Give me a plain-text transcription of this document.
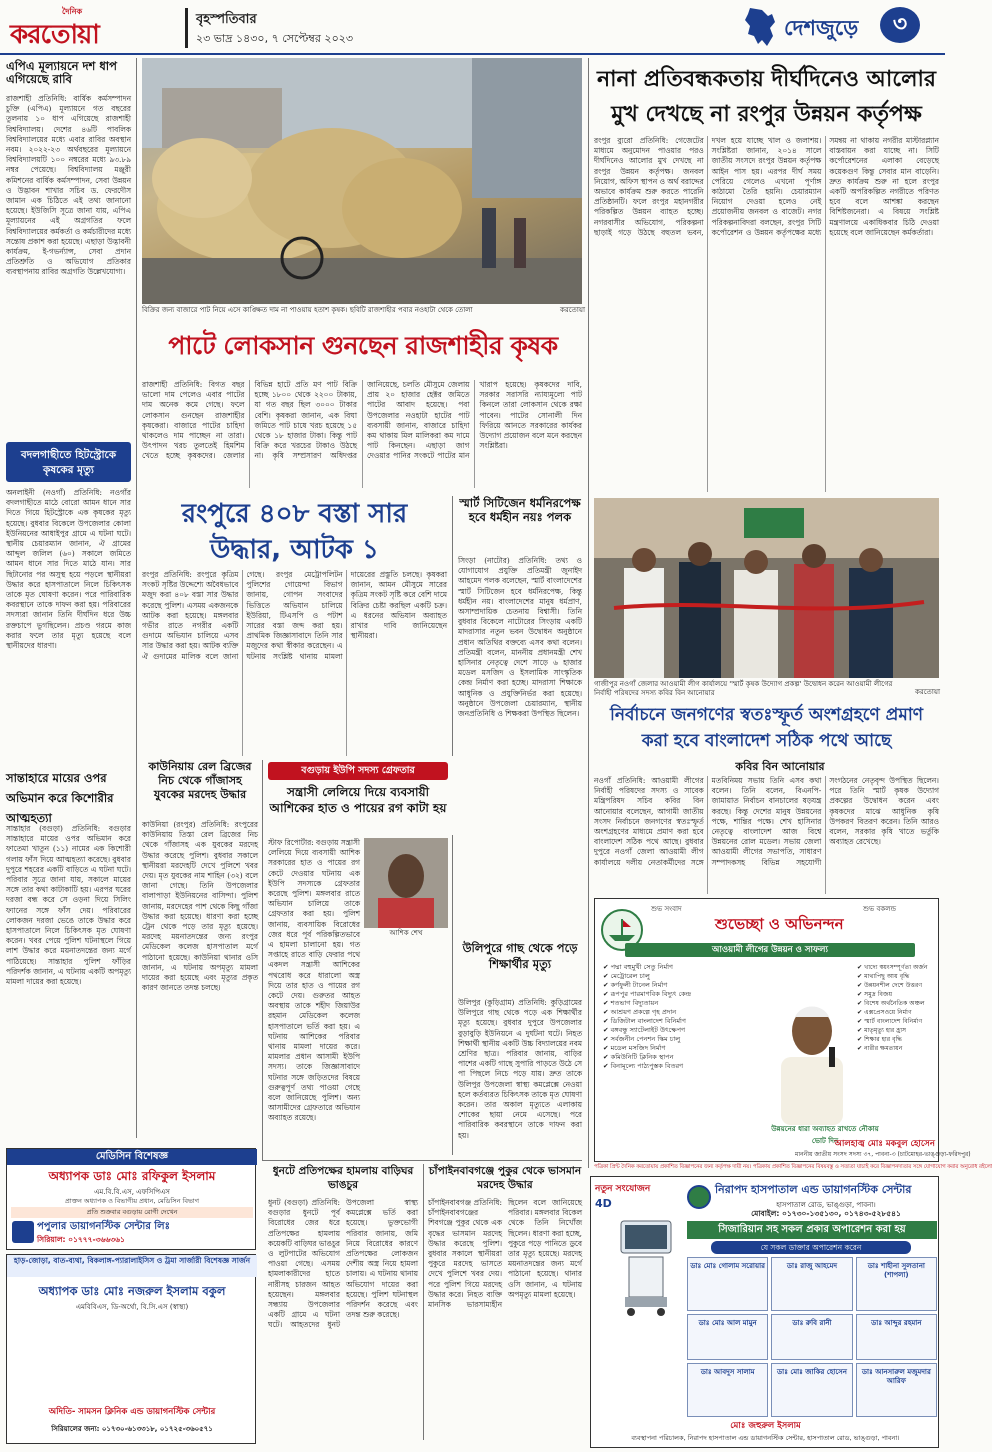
দৈনিক
করতোয়া
বৃহস্পতিবার
২৩ ভাদ্র ১৪৩০, ৭ সেপ্টেম্বর ২০২৩	দেশজুড়ে	৩
এপিএ মূল্যায়নে দশ ধাপ এগিয়েছে রাবি
রাজশাহী প্রতিনিধি: বার্ষিক কর্মসম্পাদন চুক্তি (এপিএ) মূল্যায়নে গত বছরের তুলনায় ১০ ধাপ এগিয়েছে রাজশাহী বিশ্ববিদ্যালয়। দেশের ৪৬টি পাবলিক বিশ্ববিদ্যালয়ের মধ্যে এবার রাবির অবস্থান নবম। ২০২২-২৩ অর্থবছরের মূল্যায়নে বিশ্ববিদ্যালয়টি ১০০ নম্বরের মধ্যে ৯৩.৮৯ নম্বর পেয়েছে। বিশ্ববিদ্যালয় মঞ্জুরী কমিশনের বার্ষিক কর্মসম্পাদন, সেবা উন্নয়ন ও উদ্ভাবন শাখার সচিব ড. ফেরদৌস জামান এক চিঠিতে এই তথ্য জানানো হয়েছে। ইউজিসি সূত্রে জানা যায়, এপিএ মূল্যায়নের এই অগ্রগতির ফলে বিশ্ববিদ্যালয়ের কর্মকর্তা ও কর্মচারীদের মধ্যে সন্তোষ প্রকাশ করা হয়েছে। এছাড়া উদ্ভাবনী কার্যক্রম, ই-গভর্ন্যান্স, সেবা প্রদান প্রতিশ্রুতি ও অভিযোগ প্রতিকার ব্যবস্থাপনায় রাবির অগ্রগতি উল্লেখযোগ্য।
বদলগাছীতে হিটস্ট্রোকে কৃষকের মৃত্যু
অনলাইনী (নওগাঁ) প্রতিনিধি: নওগাঁর বদলগাছীতে মাঠে বোরো আমন ধানে সার দিতে গিয়ে হিটস্ট্রোকে এক কৃষকের মৃত্যু হয়েছে। বুধবার বিকেলে উপজেলার কোলা ইউনিয়নের আধাইপুর গ্রামে এ ঘটনা ঘটে। স্থানীয় চেয়ারম্যান জানান, ঐ গ্রামের আব্দুল জলিল (৬০) সকালে জমিতে আমন ধানে সার দিতে মাঠে যান। সার ছিটানোর পর অসুস্থ হয়ে পড়লে স্থানীয়রা উদ্ধার করে হাসপাতালে নিলে চিকিৎসক তাকে মৃত ঘোষণা করেন। পরে পারিবারিক কবরস্থানে তাকে দাফন করা হয়। পরিবারের সদস্যরা জানান তিনি দীর্ঘদিন ধরে উচ্চ রক্তচাপে ভুগছিলেন। প্রচণ্ড গরমে কাজ করার ফলে তার মৃত্যু হয়েছে বলে স্থানীয়দের ধারণা।
সান্তাহারে মায়ের ওপর অভিমান করে কিশোরীর আত্মহত্যা
সান্তাহার (বগুড়া) প্রতিনিধি: বগুড়ার সান্তাহারে মায়ের ওপর অভিমান করে ফাতেমা খাতুন (১১) নামের এক কিশোরী গলায় ফাঁস দিয়ে আত্মহত্যা করেছে। বুধবার দুপুরে শহরের একটি বাড়িতে এ ঘটনা ঘটে। পরিবার সূত্রে জানা যায়, সকালে মায়ের সঙ্গে তার কথা কাটাকাটি হয়। এরপর ঘরের দরজা বন্ধ করে সে ওড়না দিয়ে সিলিং ফ্যানের সঙ্গে ফাঁস দেয়। পরিবারের লোকজন দরজা ভেঙে তাকে উদ্ধার করে হাসপাতালে নিলে চিকিৎসক মৃত ঘোষণা করেন। খবর পেয়ে পুলিশ ঘটনাস্থলে গিয়ে লাশ উদ্ধার করে ময়নাতদন্তের জন্য মর্গে পাঠিয়েছে। সান্তাহার পুলিশ ফাঁড়ির পরিদর্শক জানান, এ ঘটনায় একটি অপমৃত্যু মামলা দায়ের করা হয়েছে।
বিক্রির জন্য বাজারে পাট নিয়ে এসে কাঙ্ক্ষিত দাম না পাওয়ায় হতাশ কৃষক। ছবিটি রাজশাহীর পবার নওহাটা থেকে তোলা	করতোয়া
পাটে লোকসান গুনছেন রাজশাহীর কৃষক
রাজশাহী প্রতিনিধি: বিগত বছর ভালো দাম পেলেও এবার পাটের দাম অনেক কমে গেছে। ফলে লোকসান গুনছেন রাজশাহীর কৃষকেরা। বাজারে পাটের চাহিদা থাকলেও দাম পাচ্ছেন না তারা। উৎপাদন খরচ তুলতেই হিমশিম খেতে হচ্ছে কৃষকদের। জেলার বিভিন্ন হাটে প্রতি মণ পাট বিক্রি হচ্ছে ১৮০০ থেকে ২২০০ টাকায়, যা গত বছর ছিল ৩০০০ টাকার বেশি। কৃষকরা জানান, এক বিঘা জমিতে পাট চাষে খরচ হয়েছে ১৫ থেকে ১৮ হাজার টাকা। কিন্তু পাট বিক্রি করে খরচের টাকাও উঠছে না। কৃষি সম্প্রসারণ অধিদপ্তর জানিয়েছে, চলতি মৌসুমে জেলায় প্রায় ২০ হাজার হেক্টর জমিতে পাটের আবাদ হয়েছে। পবা উপজেলার নওহাটা হাটের পাট ব্যবসায়ী জানান, বাজারে চাহিদা কম থাকায় মিল মালিকরা কম দামে পাট কিনছেন। এছাড়া জাগ দেওয়ার পানির সংকটে পাটের মান খারাপ হয়েছে। কৃষকদের দাবি, সরকার সরাসরি ন্যায্যমূল্যে পাট কিনলে তারা লোকসান থেকে রক্ষা পাবেন। পাটের সোনালী দিন ফিরিয়ে আনতে সরকারের কার্যকর উদ্যোগ প্রয়োজন বলে মনে করছেন সংশ্লিষ্টরা।
রংপুরে ৪০৮ বস্তা সার উদ্ধার, আটক ১
রংপুর প্রতিনিধি: রংপুরে কৃত্রিম সংকট সৃষ্টির উদ্দেশ্যে অবৈধভাবে মজুদ করা ৪০৮ বস্তা সার উদ্ধার করেছে পুলিশ। এসময় একজনকে আটক করা হয়েছে। মঙ্গলবার গভীর রাতে নগরীর একটি গুদামে অভিযান চালিয়ে এসব সার উদ্ধার করা হয়। আটক ব্যক্তি ঐ গুদামের মালিক বলে জানা গেছে। রংপুর মেট্রোপলিটন পুলিশের গোয়েন্দা বিভাগ জানায়, গোপন সংবাদের ভিত্তিতে অভিযান চালিয়ে ইউরিয়া, টিএসপি ও পটাশ সারের বস্তা জব্দ করা হয়। প্রাথমিক জিজ্ঞাসাবাদে তিনি সার মজুদের কথা স্বীকার করেছেন। এ ঘটনায় সংশ্লিষ্ট থানায় মামলা দায়েরের প্রস্তুতি চলছে। কৃষকরা জানান, আমন মৌসুমে সারের কৃত্রিম সংকট সৃষ্টি করে বেশি দামে বিক্রির চেষ্টা করছিল একটি চক্র। এ ধরনের অভিযান অব্যাহত রাখার দাবি জানিয়েছেন স্থানীয়রা।
স্মার্ট সিটিজেন ধর্মনিরপেক্ষ হবে ধর্মহীন নয়ঃ পলক
সিংড়া (নাটোর) প্রতিনিধি: তথ্য ও যোগাযোগ প্রযুক্তি প্রতিমন্ত্রী জুনাইদ আহমেদ পলক বলেছেন, স্মার্ট বাংলাদেশের স্মার্ট সিটিজেন হবে ধর্মনিরপেক্ষ, কিন্তু ধর্মহীন নয়। বাংলাদেশের মানুষ ধর্মপ্রাণ, অসাম্প্রদায়িক চেতনায় বিশ্বাসী। তিনি বুধবার বিকেলে নাটোরের সিংড়ায় একটি মাদরাসার নতুন ভবন উদ্বোধন অনুষ্ঠানে প্রধান অতিথির বক্তব্যে এসব কথা বলেন। প্রতিমন্ত্রী বলেন, মাননীয় প্রধানমন্ত্রী শেখ হাসিনার নেতৃত্বে দেশে সাড়ে ৬ হাজার মডেল মসজিদ ও ইসলামিক সাংস্কৃতিক কেন্দ্র নির্মাণ করা হচ্ছে। মাদরাসা শিক্ষাকে আধুনিক ও প্রযুক্তিনির্ভর করা হয়েছে। অনুষ্ঠানে উপজেলা চেয়ারম্যান, স্থানীয় জনপ্রতিনিধি ও শিক্ষকরা উপস্থিত ছিলেন।
কাউনিয়ায় রেল ব্রিজের নিচ থেকে গাঁজাসহ যুবকের মরদেহ উদ্ধার
কাউনিয়া (রংপুর) প্রতিনিধি: রংপুরের কাউনিয়ায় তিস্তা রেল ব্রিজের নিচ থেকে গাঁজাসহ এক যুবকের মরদেহ উদ্ধার করেছে পুলিশ। বুধবার সকালে স্থানীয়রা মরদেহটি দেখে পুলিশে খবর দেয়। মৃত যুবকের নাম শাহিন (৩২) বলে জানা গেছে। তিনি উপজেলার বালাপাড়া ইউনিয়নের বাসিন্দা। পুলিশ জানায়, মরদেহের পাশ থেকে কিছু গাঁজা উদ্ধার করা হয়েছে। ধারণা করা হচ্ছে ট্রেন থেকে পড়ে তার মৃত্যু হয়েছে। মরদেহ ময়নাতদন্তের জন্য রংপুর মেডিকেল কলেজ হাসপাতাল মর্গে পাঠানো হয়েছে। কাউনিয়া থানার ওসি জানান, এ ঘটনায় অপমৃত্যু মামলা দায়ের করা হয়েছে এবং মৃত্যুর প্রকৃত কারণ জানতে তদন্ত চলছে।
বগুড়ায় ইউপি সদস্য গ্রেফতার
সন্ত্রাসী লেলিয়ে দিয়ে ব্যবসায়ী আশিকের হাত ও পায়ের রগ কাটা হয়
আশিক শেখ
স্টাফ রিপোর্টার: বগুড়ায় সন্ত্রাসী লেলিয়ে দিয়ে ব্যবসায়ী আশিক সরকারের হাত ও পায়ের রগ কেটে দেওয়ার ঘটনায় এক ইউপি সদস্যকে গ্রেফতার করেছে পুলিশ। মঙ্গলবার রাতে অভিযান চালিয়ে তাকে গ্রেফতার করা হয়। পুলিশ জানায়, ব্যবসায়িক বিরোধের জের ধরে পূর্ব পরিকল্পিতভাবে এ হামলা চালানো হয়। গত সপ্তাহে রাতে বাড়ি ফেরার পথে একদল সন্ত্রাসী আশিকের পথরোধ করে ধারালো অস্ত্র দিয়ে তার হাত ও পায়ের রগ কেটে দেয়। গুরুতর আহত অবস্থায় তাকে শহীদ জিয়াউর রহমান মেডিকেল কলেজ হাসপাতালে ভর্তি করা হয়। এ ঘটনায় আশিকের পরিবার থানায় মামলা দায়ের করে। মামলার প্রধান আসামী ইউপি সদস্য। তাকে জিজ্ঞাসাবাদে ঘটনার সঙ্গে জড়িতদের বিষয়ে গুরুত্বপূর্ণ তথ্য পাওয়া গেছে বলে জানিয়েছে পুলিশ। অন্য আসামীদের গ্রেফতারে অভিযান অব্যাহত রয়েছে।
উলিপুরে গাছ থেকে পড়ে শিক্ষার্থীর মৃত্যু
উলিপুর (কুড়িগ্রাম) প্রতিনিধি: কুড়িগ্রামের উলিপুরে গাছ থেকে পড়ে এক শিক্ষার্থীর মৃত্যু হয়েছে। বুধবার দুপুরে উপজেলার বুড়াবুড়ি ইউনিয়নে এ দুর্ঘটনা ঘটে। নিহত শিক্ষার্থী স্থানীয় একটি উচ্চ বিদ্যালয়ের নবম শ্রেণির ছাত্র। পরিবার জানায়, বাড়ির পাশের একটি গাছে সুপারি পাড়তে উঠে সে পা পিছলে নিচে পড়ে যায়। দ্রুত তাকে উলিপুর উপজেলা স্বাস্থ্য কমপ্লেক্সে নেওয়া হলে কর্তব্যরত চিকিৎসক তাকে মৃত ঘোষণা করেন। তার অকাল মৃত্যুতে এলাকায় শোকের ছায়া নেমে এসেছে। পরে পারিবারিক কবরস্থানে তাকে দাফন করা হয়।
ধুনটে প্রতিপক্ষের হামলায় বাড়িঘর ভাঙচুর
ধুনট (বগুড়া) প্রতিনিধি: বগুড়ার ধুনটে পূর্ব বিরোধের জের ধরে প্রতিপক্ষের হামলায় কয়েকটি বাড়িঘর ভাঙচুর ও লুটপাটের অভিযোগ পাওয়া গেছে। এসময় হামলাকারীদের হাতে নারীসহ চারজন আহত হয়েছেন। মঙ্গলবার সন্ধ্যায় উপজেলার একটি গ্রামে এ ঘটনা ঘটে। আহতদের ধুনট উপজেলা স্বাস্থ্য কমপ্লেক্সে ভর্তি করা হয়েছে। ভুক্তভোগী পরিবার জানায়, জমি নিয়ে বিরোধের কারণে প্রতিপক্ষের লোকজন দেশীয় অস্ত্র নিয়ে হামলা চালায়। এ ঘটনায় থানায় অভিযোগ দায়ের করা হয়েছে। পুলিশ ঘটনাস্থল পরিদর্শন করেছে এবং তদন্ত শুরু করেছে।
চাঁপাইনবাবগঞ্জে পুকুর থেকে ভাসমান মরদেহ উদ্ধার
চাঁপাইনবাবগঞ্জ প্রতিনিধি: চাঁপাইনবাবগঞ্জের শিবগঞ্জে পুকুর থেকে এক বৃদ্ধের ভাসমান মরদেহ উদ্ধার করেছে পুলিশ। বুধবার সকালে স্থানীয়রা পুকুরে মরদেহ ভাসতে দেখে পুলিশে খবর দেয়। পরে পুলিশ গিয়ে মরদেহ উদ্ধার করে। নিহত ব্যক্তি মানসিক ভারসাম্যহীন ছিলেন বলে জানিয়েছে পরিবার। মঙ্গলবার বিকেল থেকে তিনি নিখোঁজ ছিলেন। ধারণা করা হচ্ছে, পুকুরে পড়ে পানিতে ডুবে তার মৃত্যু হয়েছে। মরদেহ ময়নাতদন্তের জন্য মর্গে পাঠানো হয়েছে। থানার ওসি জানান, এ ঘটনায় অপমৃত্যু মামলা হয়েছে।
নানা প্রতিবন্ধকতায় দীর্ঘদিনেও আলোর মুখ দেখছে না রংপুর উন্নয়ন কর্তৃপক্ষ
রংপুর ব্যুরো প্রতিনিধি: গেজেটের মাধ্যমে অনুমোদন পাওয়ার পরও দীর্ঘদিনেও আলোর মুখ দেখছে না রংপুর উন্নয়ন কর্তৃপক্ষ। জনবল নিয়োগ, অফিস স্থাপন ও অর্থ বরাদ্দের অভাবে কার্যক্রম শুরু করতে পারেনি প্রতিষ্ঠানটি। ফলে রংপুর মহানগরীর পরিকল্পিত উন্নয়ন ব্যাহত হচ্ছে। নগরবাসীর অভিযোগ, পরিকল্পনা ছাড়াই গড়ে উঠছে বহুতল ভবন, দখল হয়ে যাচ্ছে খাল ও জলাশয়। সংশ্লিষ্টরা জানান, ২০১৪ সালে জাতীয় সংসদে রংপুর উন্নয়ন কর্তৃপক্ষ আইন পাস হয়। এরপর দীর্ঘ সময় পেরিয়ে গেলেও এখনো পূর্ণাঙ্গ কাঠামো তৈরি হয়নি। চেয়ারম্যান নিয়োগ দেওয়া হলেও নেই প্রয়োজনীয় জনবল ও বাজেট। নগর পরিকল্পনাবিদরা বলছেন, রংপুর সিটি কর্পোরেশন ও উন্নয়ন কর্তৃপক্ষের মধ্যে সমন্বয় না থাকায় নগরীর মাস্টারপ্ল্যান বাস্তবায়ন করা যাচ্ছে না। সিটি কর্পোরেশনের এলাকা বেড়েছে কয়েকগুণ কিন্তু সেবার মান বাড়েনি। দ্রুত কার্যক্রম শুরু না হলে রংপুর একটি অপরিকল্পিত নগরীতে পরিণত হবে বলে আশঙ্কা করছেন বিশিষ্টজনেরা। এ বিষয়ে সংশ্লিষ্ট মন্ত্রণালয়ে একাধিকবার চিঠি দেওয়া হয়েছে বলে জানিয়েছেন কর্মকর্তারা।
গাজীপুর নওগাঁ জেলার আওয়ামী লীগ কার্যালয়ে 'স্মার্ট কৃষক উদ্যোগ প্রকল্প' উদ্বোধন করেন আওয়ামী লীগের নির্বাহী পরিষদের সদস্য কবির বিন আনোয়ার	করতোয়া
নির্বাচনে জনগণের স্বতঃস্ফূর্ত অংশগ্রহণে প্রমাণ করা হবে বাংলাদেশ সঠিক পথে আছে
কবির বিন আনোয়ার
নওগাঁ প্রতিনিধি: আওয়ামী লীগের নির্বাহী পরিষদের সদস্য ও সাবেক মন্ত্রিপরিষদ সচিব কবির বিন আনোয়ার বলেছেন, আগামী জাতীয় সংসদ নির্বাচনে জনগণের স্বতঃস্ফূর্ত অংশগ্রহণের মাধ্যমে প্রমাণ করা হবে বাংলাদেশ সঠিক পথে আছে। বুধবার দুপুরে নওগাঁ জেলা আওয়ামী লীগ কার্যালয়ে দলীয় নেতাকর্মীদের সঙ্গে মতবিনিময় সভায় তিনি এসব কথা বলেন। তিনি বলেন, বিএনপি-জামায়াত নির্বাচন বানচালের ষড়যন্ত্র করছে। কিন্তু দেশের মানুষ উন্নয়নের পক্ষে, শান্তির পক্ষে। শেখ হাসিনার নেতৃত্বে বাংলাদেশ আজ বিশ্বে উন্নয়নের রোল মডেল। সভায় জেলা আওয়ামী লীগের সভাপতি, সাধারণ সম্পাদকসহ বিভিন্ন সহযোগী সংগঠনের নেতৃবৃন্দ উপস্থিত ছিলেন। পরে তিনি স্মার্ট কৃষক উদ্যোগ প্রকল্পের উদ্বোধন করেন এবং কৃষকদের মাঝে আধুনিক কৃষি উপকরণ বিতরণ করেন। তিনি আরও বলেন, সরকার কৃষি খাতে ভর্তুকি অব্যাহত রেখেছে।
শুভ সংবাদ	শুভ বকলন্ড
শুভেচ্ছা ও অভিনন্দন
আওয়ামী লীগের উন্নয়ন ও সাফল্য
✔ পদ্মা বহুমুখী সেতু নির্মাণ
✔ মেট্রোরেল চালু
✔ কর্ণফুলী টানেল নির্মাণ
✔ রূপপুর পারমাণবিক বিদ্যুৎ কেন্দ্র
✔ শতভাগ বিদ্যুতায়ন
✔ আশ্রয়ণ প্রকল্পে গৃহ প্রদান
✔ ডিজিটাল বাংলাদেশ বিনির্মাণ
✔ বঙ্গবন্ধু স্যাটেলাইট উৎক্ষেপণ
✔ সর্বজনীন পেনশন স্কিম চালু
✔ মডেল মসজিদ নির্মাণ
✔ কমিউনিটি ক্লিনিক স্থাপন
✔ বিনামূল্যে পাঠ্যপুস্তক বিতরণ
✔ খাদ্যে স্বয়ংসম্পূর্ণতা অর্জন
✔ মাথাপিছু আয় বৃদ্ধি
✔ উন্নয়নশীল দেশে উত্তরণ
✔ সমুদ্র বিজয়
✔ বিশেষ অর্থনৈতিক অঞ্চল
✔ এক্সপ্রেসওয়ে নির্মাণ
✔ স্মার্ট বাংলাদেশ বিনির্মাণ
✔ মাতৃমৃত্যু হার হ্রাস
✔ শিক্ষার হার বৃদ্ধি
✔ নারীর ক্ষমতায়ন
উন্নয়নের ধারা অব্যাহত রাখতে নৌকায় ভোট দিন
আলহাজ্ব মোঃ মকবুল হোসেন
মাননীয় জাতীয় সংসদ সদস্য ৩৭, পাবনা-৩ (চাটমোহর-ভাঙ্গুড়া-ফরিদপুর)
মেডিসিন বিশেষজ্ঞ
অধ্যাপক ডাঃ মোঃ রফিকুল ইসলাম
এম.বি.বি.এস, এফসিপিএস
প্রাক্তন অধ্যাপক ও বিভাগীয় প্রধান, মেডিসিন বিভাগ
প্রতি শুক্রবার বগুড়ায় রোগী দেখেন
পপুলার ডায়াগনস্টিক সেন্টার লিঃ
সিরিয়াল: ০১৭৭৭-৩৬৬৩৬১
হাড়-জোড়া, বাত-ব্যথা, বিকলাঙ্গ-প্যারালাইসিস ও ট্রমা সার্জারী বিশেষজ্ঞ সার্জন
অধ্যাপক ডাঃ মোঃ নজরুল ইসলাম বকুল
এমবিবিএস, ডি-অর্থো, বি.সি.এস (স্বাস্থ্য)
অদিতি- সামসন ক্লিনিক এন্ড ডায়াগনস্টিক সেন্টার
সিরিয়ালের জন্য: ০১৭৩০-৬১৩৩১৮, ০১৭২৫-৩৬০৫৭১
পত্রিকা প্রিন্ট দৈনিক করতোয়ায় প্রকাশিত বিজ্ঞাপনের জন্য কর্তৃপক্ষ দায়ী নয়। পত্রিকায় প্রকাশিত বিজ্ঞাপনের বিষয়বস্তু ও সত্যতা যাচাই করে বিজ্ঞাপনদাতার সঙ্গে যোগাযোগ করার অনুরোধ রইলো
নতুন সংযোজন
4D
নিরাপদ হাসপাতাল এন্ড ডায়াগনস্টিক সেন্টার
হাসপাতাল রোড, ভাঙ্গুড়া, পাবনা।
মোবাইল: ০১৭৩০-১৩৫১৩০, ০১৭৪৩-৫২৮৫৪১
সিজারিয়ান সহ সকল প্রকার অপারেশন করা হয়
যে সকল ডাক্তার অপারেশন করেন
ডাঃ মোঃ গোলাম সরোয়ার	ডাঃ রাজু আহমেদ	ডাঃ শাহীনা সুলতানা (শাপলা)
ডাঃ মোঃ আল মামুন	ডাঃ রুবি রানী	ডাঃ আব্দুর রহমান
ডাঃ আবদুস সালাম	ডাঃ মোঃ জাকির হোসেন	ডাঃ আনসারুল মজুমদার আরিফ
মোঃ জহুরুল ইসলাম
ব্যবস্থাপনা পরিচালক, নিরাপদ হাসপাতাল এন্ড ডায়াগনস্টিক সেন্টার, হাসপাতাল রোড, ভাঙ্গুড়া, পাবনা।
